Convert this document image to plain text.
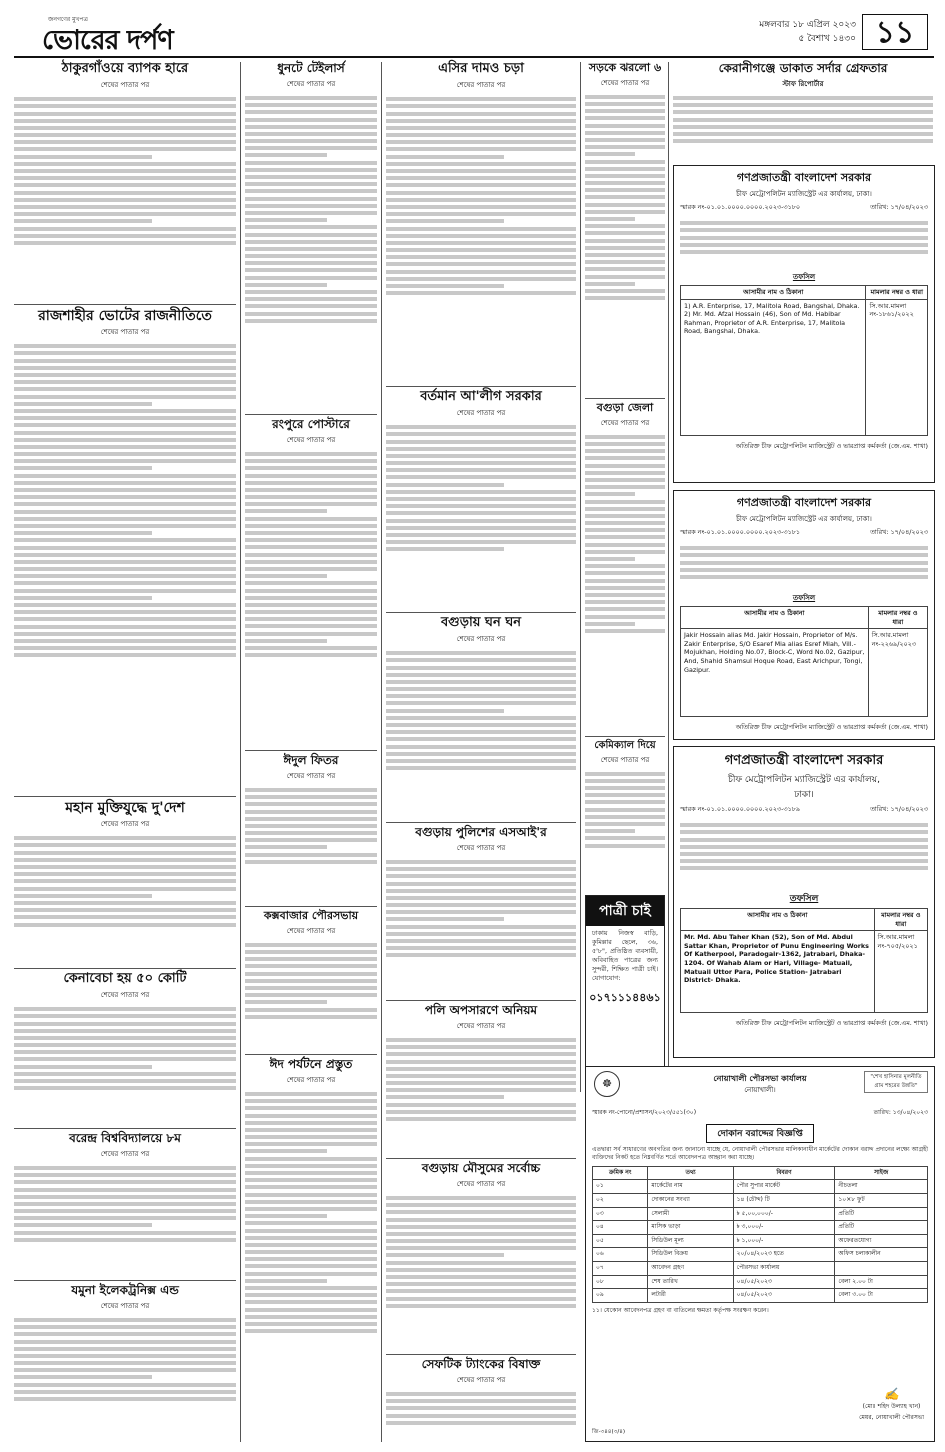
জনগণের মুখপত্র
ভোরের দর্পণ	মঙ্গলবার ১৮ এপ্রিল ২০২৩
৫ বৈশাখ ১৪৩০ ১১
ঠাকুরগাঁওয়ে ব্যাপক হারে
শেষের পাতার পর
রাজশাহীর ভোটের রাজনীতিতে
শেষের পাতার পর
মহান মুক্তিযুদ্ধে দু'দেশ
শেষের পাতার পর
কেনাবেচা হয় ৫০ কোটি
শেষের পাতার পর
বরেন্দ্র বিশ্ববিদ্যালয়ে ৮ম
শেষের পাতার পর
যমুনা ইলেকট্রনিক্স এন্ড
শেষের পাতার পর
ধুনটে টেইলার্স
শেষের পাতার পর
রংপুরে পোস্টারে
শেষের পাতার পর
ঈদুল ফিতর
শেষের পাতার পর
কক্সবাজার পৌরসভায়
শেষের পাতার পর
ঈদ পর্যটনে প্রস্তুত
শেষের পাতার পর
এসির দামও চড়া
শেষের পাতার পর
বর্তমান আ'লীগ সরকার
শেষের পাতার পর
বগুড়ায় ঘন ঘন
শেষের পাতার পর
বগুড়ায় পুলিশের এসআই'র
শেষের পাতার পর
পলি অপসারণে অনিয়ম
শেষের পাতার পর
বগুড়ায় মৌসুমের সর্বোচ্চ
শেষের পাতার পর
সেফটিক ট্যাংকের বিষাক্ত
শেষের পাতার পর
সড়কে ঝরলো ৬
শেষের পাতার পর
বগুড়া জেলা
শেষের পাতার পর
কেমিক্যাল দিয়ে
শেষের পাতার পর
পাত্রী চাই
ঢাকায় নিজস্ব বাড়ি, কুমিল্লার ছেলে, ৩৬, ৫'৮", প্রতিষ্ঠিত ব্যবসায়ী, অবিবাহিত পাত্রের জন্য সুন্দরী, শিক্ষিত পাত্রী চাই। যোগাযোগ:
০১৭১১১৪৪৬১
কেরানীগঞ্জে ডাকাত সর্দার গ্রেফতার
স্টাফ রিপোর্টার
গণপ্রজাতন্ত্রী বাংলাদেশ সরকার
চীফ মেট্রোপলিটন ম্যাজিস্ট্রেট এর কার্যালয়, ঢাকা।
স্মারক নং-০১.০১.০০০০.০০০০.২০২৩-৩১৮০	তারিখ: ১৭/০৪/২০২৩
তফসিল
আসামীর নাম ও ঠিকানা	মামলার নম্বর ও ধারা
1) A.R. Enterprise, 17, Malitola Road, Bangshal, Dhaka. 2) Mr. Md. Afzal Hossain (46), Son of Md. Habibar Rahman, Proprietor of A.R. Enterprise, 17, Malitola Road, Bangshal, Dhaka.	সি.আর.মামলা নং-১৮৬১/২০২২
অতিরিক্ত চীফ মেট্রোপলিটন ম্যাজিস্ট্রেট ও ভারপ্রাপ্ত কর্মকর্তা (জে.এম. শাখা)
গণপ্রজাতন্ত্রী বাংলাদেশ সরকার
চীফ মেট্রোপলিটন ম্যাজিস্ট্রেট এর কার্যালয়, ঢাকা।
স্মারক নং-০১.০১.০০০০.০০০০.২০২৩-৩১৮১	তারিখ: ১৭/০৪/২০২৩
তফসিল
আসামীর নাম ও ঠিকানা	মামলার নম্বর ও ধারা
Jakir Hossain alias Md. Jakir Hossain, Proprietor of M/s. Zakir Enterprise, S/O Esaref Mia alias Esref Miah, Vill.- Mojukhan, Holding No.07, Block-C, Word No.02, Gazipur, And, Shahid Shamsul Hoque Road, East Arichpur, Tongi, Gazipur.	সি.আর.মামলা নং-২২৬৯/২০২৩
অতিরিক্ত চীফ মেট্রোপলিটন ম্যাজিস্ট্রেট ও ভারপ্রাপ্ত কর্মকর্তা (জে.এম. শাখা)
গণপ্রজাতন্ত্রী বাংলাদেশ সরকার
চীফ মেট্রোপলিটন ম্যাজিস্ট্রেট এর কার্যালয়,
ঢাকা।
স্মারক নং-০১.০১.০০০০.০০০০.২০২৩-৩১৮৯	তারিখ: ১৭/০৪/২০২৩
তফসিল
আসামীর নাম ও ঠিকানা	মামলার নম্বর ও ধারা
Mr. Md. Abu Taher Khan (52), Son of Md. Abdul Sattar Khan, Proprietor of Punu Engineering Works Of Katherpool, Paradogair-1362, Jatrabari, Dhaka- 1204. Of Wahab Alam or Hari, Village- Matuail, Matuail Uttor Para, Police Station- Jatrabari District- Dhaka.	সি.আর.মামলা নং-৭০৫/২০২১
অতিরিক্ত চীফ মেট্রোপলিটন ম্যাজিস্ট্রেট ও ভারপ্রাপ্ত কর্মকর্তা (জে.এম. শাখা)
☸	নোয়াখালী পৌরসভা কার্যালয়
নোয়াখালী।
"শেখ হাসিনার মূলনীতি গ্রাম শহরের উন্নতি"
স্মারক নং-পোনো/প্রশাসন/২০২৩/৫৫১(৩০)	তারিখ: ১৩/০৪/২০২৩
দোকান বরাদ্দের বিজ্ঞপ্তি
এতদ্বারা সর্ব সাধারণের অবগতির জন্য জানানো যাচ্ছে যে, নোয়াখালী পৌরসভার মালিকানাধীন মার্কেটের দোকান বরাদ্দ প্রদানের লক্ষ্যে আগ্রহী ব্যক্তিদের নিকট হতে নিম্নবর্ণিত শর্তে আবেদনপত্র আহ্বান করা যাচ্ছে।
ক্রমিক নং	তথ্য	বিবরণ	সাইজ
০১	মার্কেটের নাম	পৌর সুপার মার্কেট	নীচতলা
০২	দোকানের সংখ্যা	১৪ (চৌদ্দ) টি	১০×৮ ফুট
০৩	সেলামী	৳ ৫,০০,০০০/-	প্রতিটি
০৪	মাসিক ভাড়া	৳ ৩,০০০/-	প্রতিটি
০৫	সিডিউল মূল্য	৳ ১,০০০/-	অফেরতযোগ্য
০৬	সিডিউল বিক্রয়	২০/০৪/২০২৩ হতে	অফিস চলাকালীন
০৭	আবেদন গ্রহণ	পৌরসভা কার্যালয়	
০৮	শেষ তারিখ	০৪/০৫/২০২৩	বেলা ২.০০ টা
০৯	লটারী	০৪/০৫/২০২৩	বেলা ৩.০০ টা
১১। যেকোন আবেদনপত্র গ্রহণ বা বাতিলের ক্ষমতা কর্তৃপক্ষ সংরক্ষণ করেন।
✍
(মোঃ শহিদ উল্যাহ খান)
মেয়র, নোয়াখালী পৌরসভা
জি-৩৪৪(৩/৪)
